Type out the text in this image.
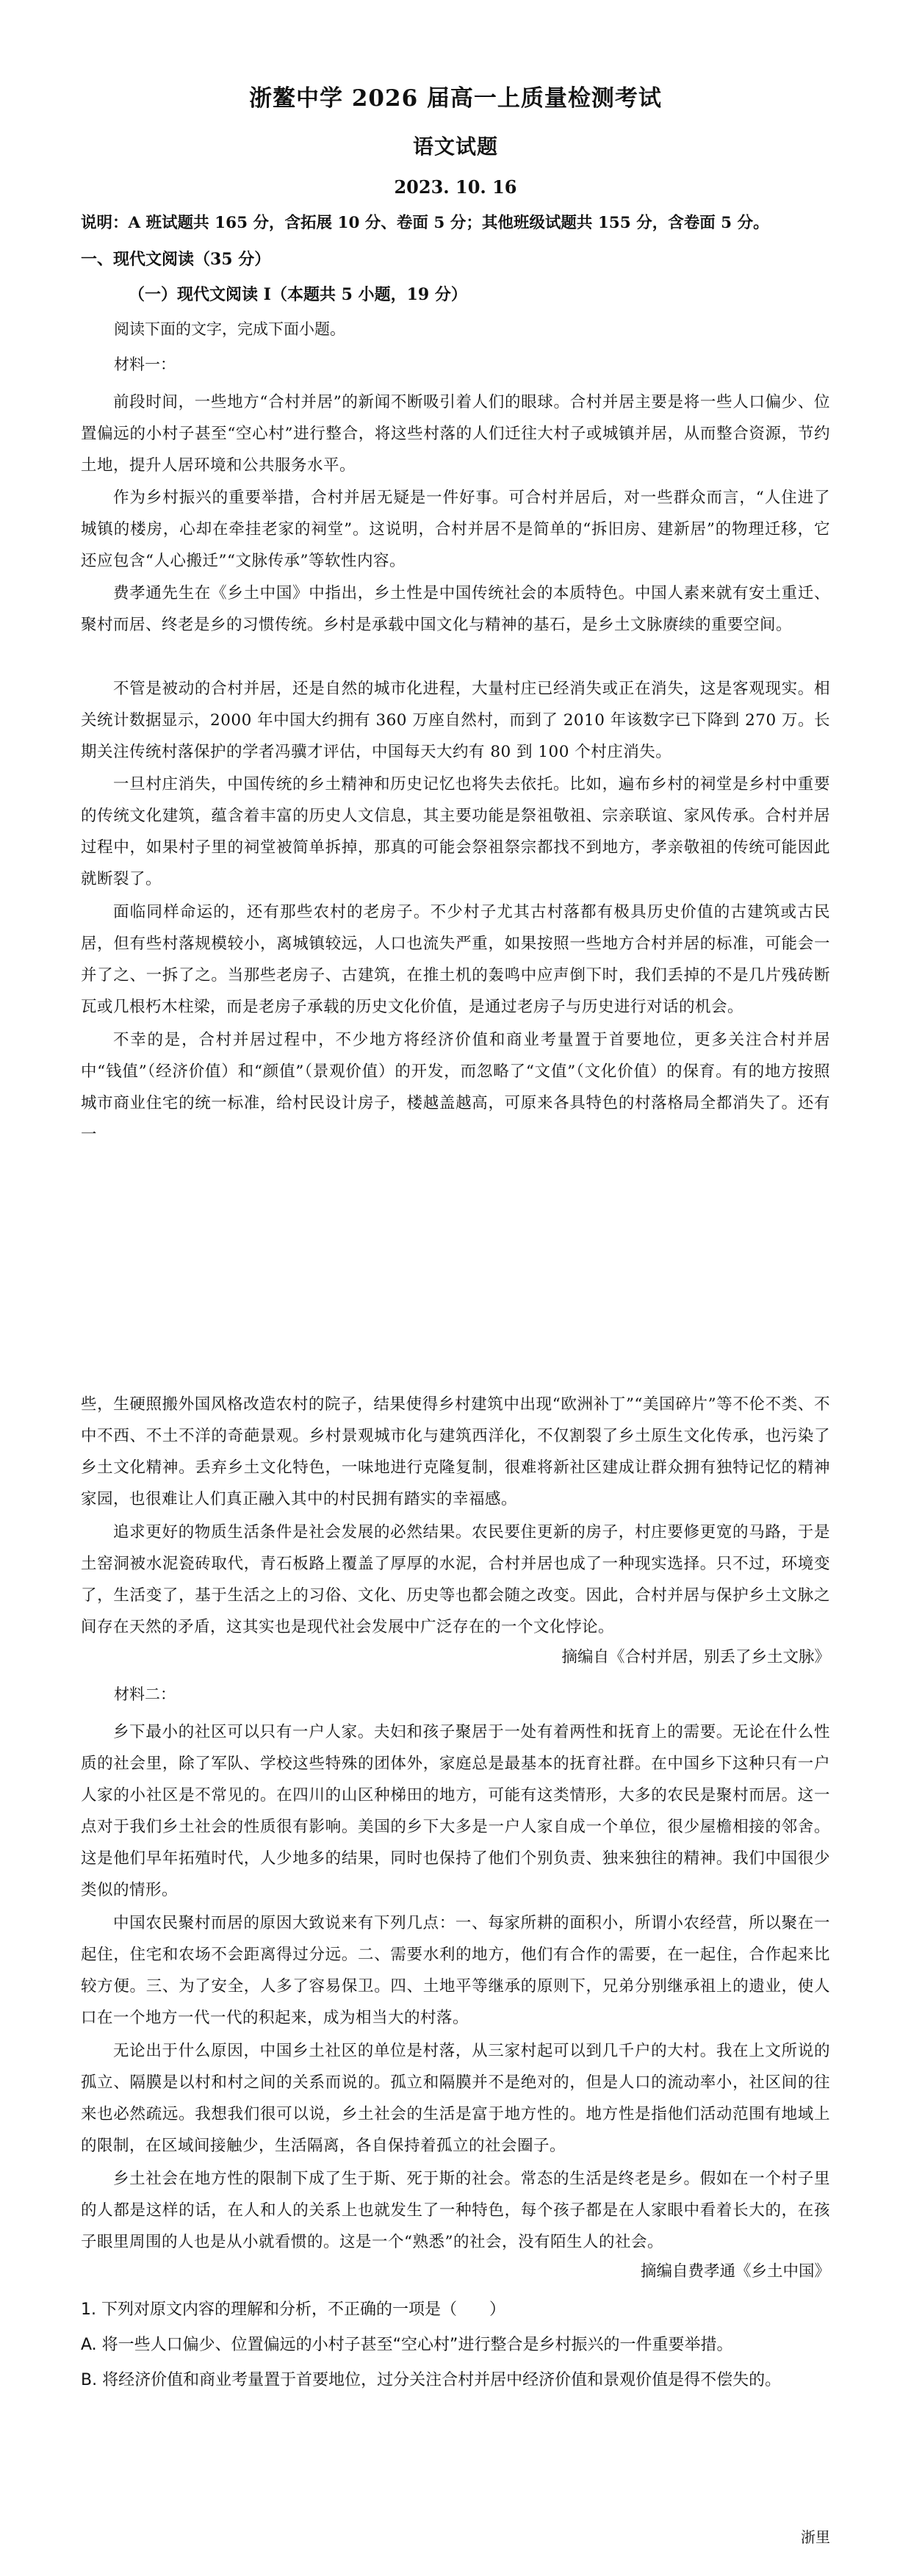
浙鳌中学 2026 届高一上质量检测考试
语文试题
2023. 10. 16
说明：A 班试题共 165 分，含拓展 10 分、卷面 5 分；其他班级试题共 155 分，含卷面 5 分。
一、现代文阅读（35 分）
（一）现代文阅读 I（本题共 5 小题，19 分）
阅读下面的文字，完成下面小题。
材料一：
前段时间，一些地方“合村并居”的新闻不断吸引着人们的眼球。合村并居主要是将一些人口偏少、位置偏远的小村子甚至“空心村”进行整合，将这些村落的人们迁往大村子或城镇并居，从而整合资源，节约土地，提升人居环境和公共服务水平。
作为乡村振兴的重要举措，合村并居无疑是一件好事。可合村并居后，对一些群众而言，“人住进了城镇的楼房，心却在牵挂老家的祠堂”。这说明，合村并居不是简单的“拆旧房、建新居”的物理迁移，它还应包含“人心搬迁”“文脉传承”等软性内容。
费孝通先生在《乡土中国》中指出，乡土性是中国传统社会的本质特色。中国人素来就有安土重迁、聚村而居、终老是乡的习惯传统。乡村是承载中国文化与精神的基石，是乡土文脉赓续的重要空间。
不管是被动的合村并居，还是自然的城市化进程，大量村庄已经消失或正在消失，这是客观现实。相关统计数据显示，2000 年中国大约拥有 360 万座自然村，而到了 2010 年该数字已下降到 270 万。长期关注传统村落保护的学者冯骥才评估，中国每天大约有 80 到 100 个村庄消失。
一旦村庄消失，中国传统的乡土精神和历史记忆也将失去依托。比如，遍布乡村的祠堂是乡村中重要的传统文化建筑，蕴含着丰富的历史人文信息，其主要功能是祭祖敬祖、宗亲联谊、家风传承。合村并居过程中，如果村子里的祠堂被简单拆掉，那真的可能会祭祖祭宗都找不到地方，孝亲敬祖的传统可能因此就断裂了。
面临同样命运的，还有那些农村的老房子。不少村子尤其古村落都有极具历史价值的古建筑或古民居，但有些村落规模较小，离城镇较远，人口也流失严重，如果按照一些地方合村并居的标准，可能会一并了之、一拆了之。当那些老房子、古建筑，在推土机的轰鸣中应声倒下时，我们丢掉的不是几片残砖断瓦或几根朽木柱梁，而是老房子承载的历史文化价值，是通过老房子与历史进行对话的机会。
不幸的是，合村并居过程中，不少地方将经济价值和商业考量置于首要地位，更多关注合村并居中“钱值”（经济价值）和“颜值”（景观价值）的开发，而忽略了“文值”（文化价值）的保育。有的地方按照城市商业住宅的统一标准，给村民设计房子，楼越盖越高，可原来各具特色的村落格局全都消失了。还有一
些，生硬照搬外国风格改造农村的院子，结果使得乡村建筑中出现“欧洲补丁”“美国碎片”等不伦不类、不中不西、不土不洋的奇葩景观。乡村景观城市化与建筑西洋化，不仅割裂了乡土原生文化传承，也污染了乡土文化精神。丢弃乡土文化特色，一味地进行克隆复制，很难将新社区建成让群众拥有独特记忆的精神家园，也很难让人们真正融入其中的村民拥有踏实的幸福感。
追求更好的物质生活条件是社会发展的必然结果。农民要住更新的房子，村庄要修更宽的马路，于是土窑洞被水泥瓷砖取代，青石板路上覆盖了厚厚的水泥，合村并居也成了一种现实选择。只不过，环境变了，生活变了，基于生活之上的习俗、文化、历史等也都会随之改变。因此，合村并居与保护乡土文脉之间存在天然的矛盾，这其实也是现代社会发展中广泛存在的一个文化悖论。
摘编自《合村并居，别丢了乡土文脉》
材料二：
乡下最小的社区可以只有一户人家。夫妇和孩子聚居于一处有着两性和抚育上的需要。无论在什么性质的社会里，除了军队、学校这些特殊的团体外，家庭总是最基本的抚育社群。在中国乡下这种只有一户人家的小社区是不常见的。在四川的山区种梯田的地方，可能有这类情形，大多的农民是聚村而居。这一点对于我们乡土社会的性质很有影响。美国的乡下大多是一户人家自成一个单位，很少屋檐相接的邻舍。这是他们早年拓殖时代，人少地多的结果，同时也保持了他们个别负责、独来独往的精神。我们中国很少类似的情形。
中国农民聚村而居的原因大致说来有下列几点：一、每家所耕的面积小，所谓小农经营，所以聚在一起住，住宅和农场不会距离得过分远。二、需要水利的地方，他们有合作的需要，在一起住，合作起来比较方便。三、为了安全，人多了容易保卫。四、土地平等继承的原则下，兄弟分别继承祖上的遗业，使人口在一个地方一代一代的积起来，成为相当大的村落。
无论出于什么原因，中国乡土社区的单位是村落，从三家村起可以到几千户的大村。我在上文所说的孤立、隔膜是以村和村之间的关系而说的。孤立和隔膜并不是绝对的，但是人口的流动率小，社区间的往来也必然疏远。我想我们很可以说，乡土社会的生活是富于地方性的。地方性是指他们活动范围有地域上的限制，在区域间接触少，生活隔离，各自保持着孤立的社会圈子。
乡土社会在地方性的限制下成了生于斯、死于斯的社会。常态的生活是终老是乡。假如在一个村子里的人都是这样的话，在人和人的关系上也就发生了一种特色，每个孩子都是在人家眼中看着长大的，在孩子眼里周围的人也是从小就看惯的。这是一个“熟悉”的社会，没有陌生人的社会。
摘编自费孝通《乡土中国》
1. 下列对原文内容的理解和分析，不正确的一项是（　　）
A. 将一些人口偏少、位置偏远的小村子甚至“空心村”进行整合是乡村振兴的一件重要举措。
B. 将经济价值和商业考量置于首要地位，过分关注合村并居中经济价值和景观价值是得不偿失的。
浙里
